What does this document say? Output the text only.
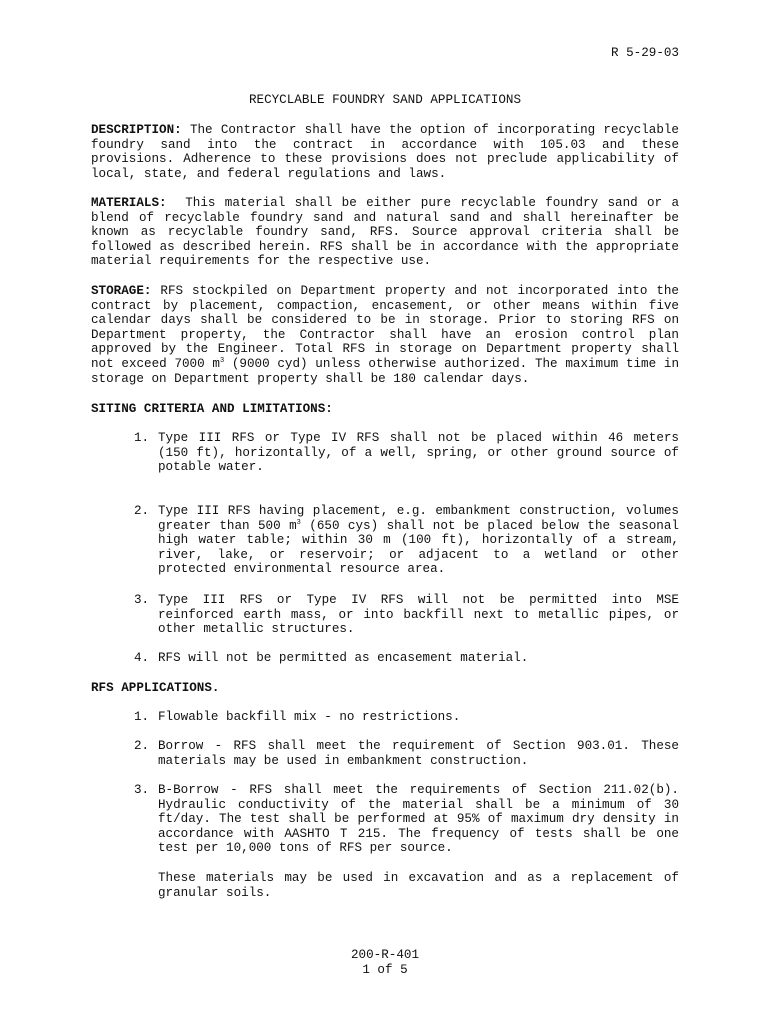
R 5-29-03

RECYCLABLE FOUNDRY SAND APPLICATIONS

DESCRIPTION: The Contractor shall have the option of incorporating recyclable foundry sand into the contract in accordance with 105.03 and these provisions. Adherence to these provisions does not preclude applicability of local, state, and federal regulations and laws.

MATERIALS: This material shall be either pure recyclable foundry sand or a blend of recyclable foundry sand and natural sand and shall hereinafter be known as recyclable foundry sand, RFS. Source approval criteria shall be followed as described herein. RFS shall be in accordance with the appropriate material requirements for the respective use.

STORAGE: RFS stockpiled on Department property and not incorporated into the contract by placement, compaction, encasement, or other means within five calendar days shall be considered to be in storage. Prior to storing RFS on Department property, the Contractor shall have an erosion control plan approved by the Engineer. Total RFS in storage on Department property shall not exceed 7000 $m^3$ (9000 cyd) unless otherwise authorized. The maximum time in storage on Department property shall be 180 calendar days.

SITING CRITERIA AND LIMITATIONS:

1. Type III RFS or Type IV RFS shall not be placed within 46 meters (150 ft), horizontally, of a well, spring, or other ground source of potable water.

2. Type III RFS having placement, e.g. embankment construction, volumes greater than 500 $m^3$ (650 cys) shall not be placed below the seasonal high water table; within 30 m (100 ft), horizontally of a stream, river, lake, or reservoir; or adjacent to a wetland or other protected environmental resource area.

3. Type III RFS or Type IV RFS will not be permitted into MSE reinforced earth mass, or into backfill next to metallic pipes, or other metallic structures.

4. RFS will not be permitted as encasement material.

RFS APPLICATIONS.

1. Flowable backfill mix - no restrictions.

2. Borrow - RFS shall meet the requirement of Section 903.01. These materials may be used in embankment construction.

3. B-Borrow - RFS shall meet the requirements of Section 211.02(b). Hydraulic conductivity of the material shall be a minimum of 30 ft/day. The test shall be performed at 95% of maximum dry density in accordance with AASHTO T 215. The frequency of tests shall be one test per 10,000 tons of RFS per source.

These materials may be used in excavation and as a replacement of granular soils.

200-R-401

1 of 5
